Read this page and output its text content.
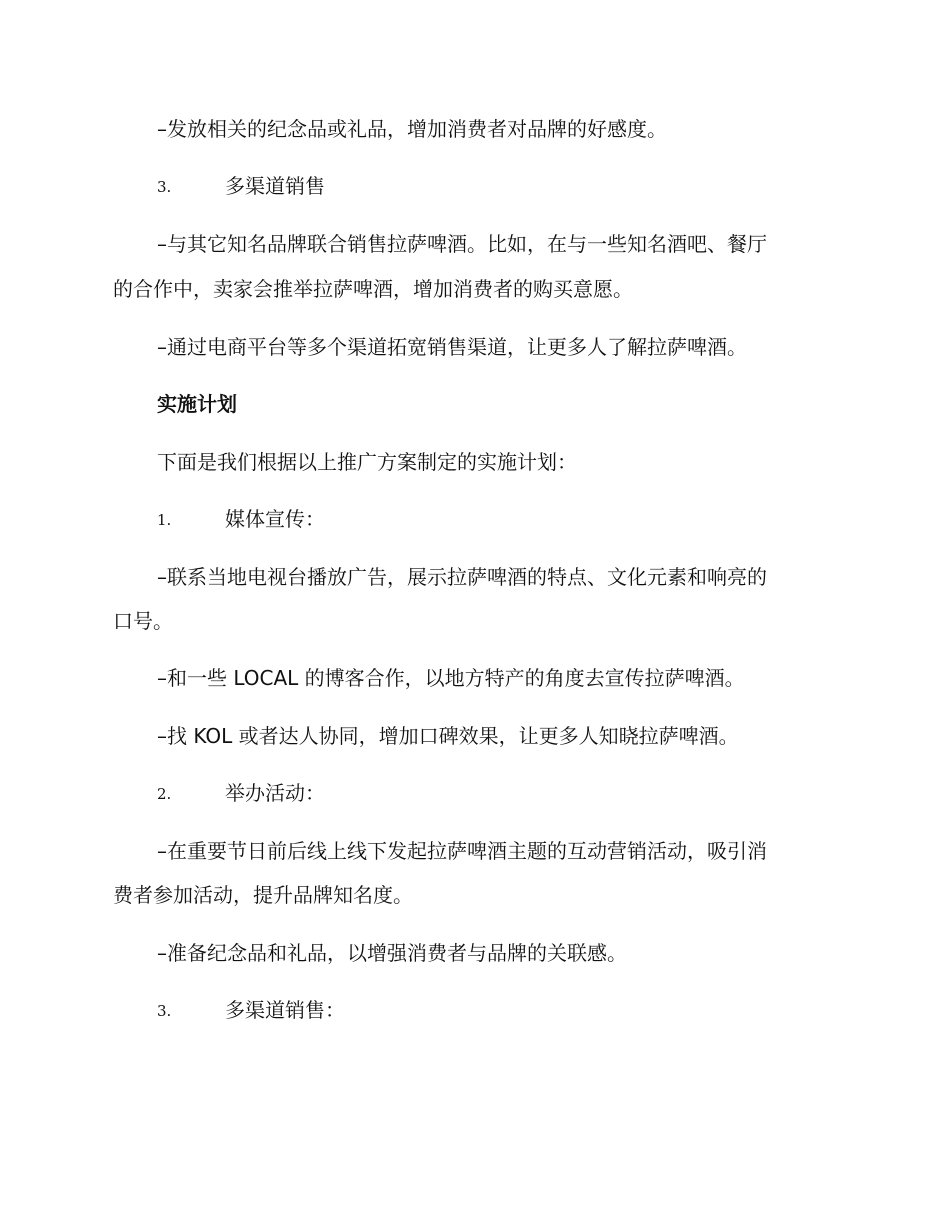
–发放相关的纪念品或礼品，增加消费者对品牌的好感度。
3.	多渠道销售
–与其它知名品牌联合销售拉萨啤酒。比如，在与一些知名酒吧、餐厅
的合作中，卖家会推举拉萨啤酒，增加消费者的购买意愿。
–通过电商平台等多个渠道拓宽销售渠道，让更多人了解拉萨啤酒。
实施计划
下面是我们根据以上推广方案制定的实施计划：
1.	媒体宣传：
–联系当地电视台播放广告，展示拉萨啤酒的特点、文化元素和响亮的
口号。
–和一些 LOCAL 的博客合作，以地方特产的角度去宣传拉萨啤酒。
–找 KOL 或者达人协同，增加口碑效果，让更多人知晓拉萨啤酒。
2.	举办活动：
–在重要节日前后线上线下发起拉萨啤酒主题的互动营销活动，吸引消
费者参加活动，提升品牌知名度。
–准备纪念品和礼品，以增强消费者与品牌的关联感。
3.	多渠道销售：
